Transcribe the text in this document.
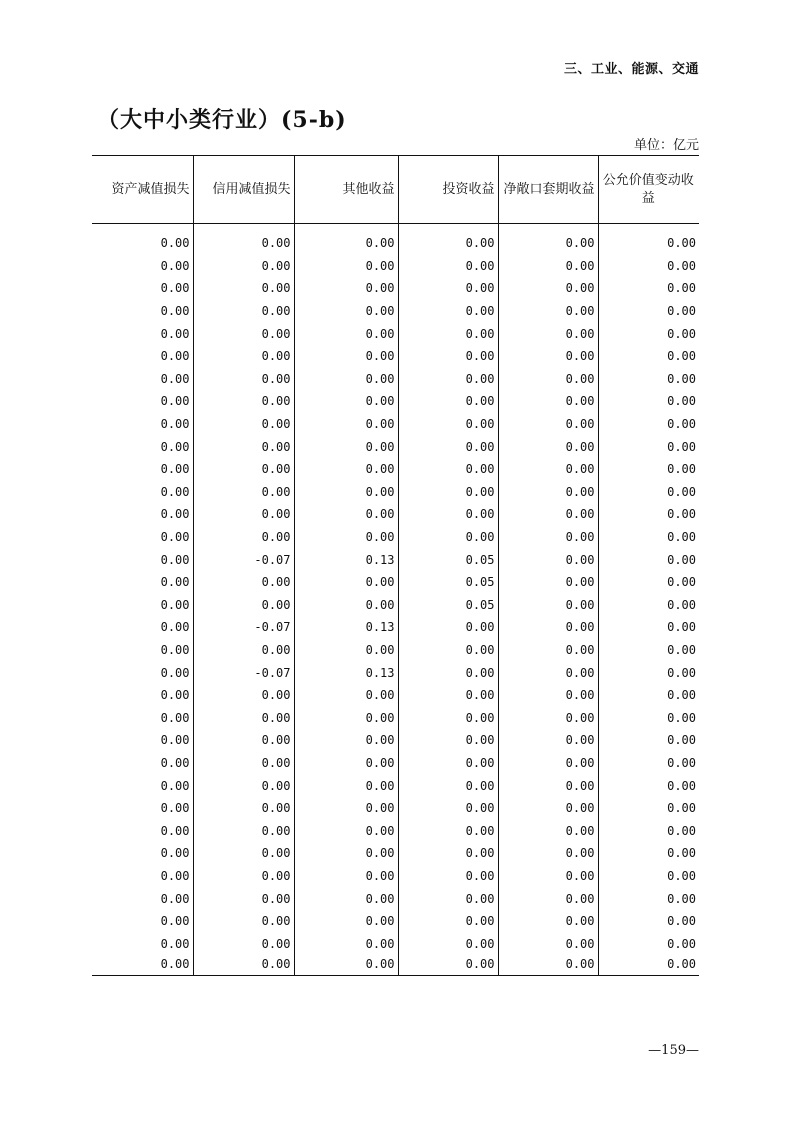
三、工业、能源、交通
（大中小类行业）(5-b)
单位：亿元
资产减值损失	信用减值损失	其他收益	投资收益	净敞口套期收益	公允价值变动收益
0.00	0.00	0.00	0.00	0.00	0.00
0.00	0.00	0.00	0.00	0.00	0.00
0.00	0.00	0.00	0.00	0.00	0.00
0.00	0.00	0.00	0.00	0.00	0.00
0.00	0.00	0.00	0.00	0.00	0.00
0.00	0.00	0.00	0.00	0.00	0.00
0.00	0.00	0.00	0.00	0.00	0.00
0.00	0.00	0.00	0.00	0.00	0.00
0.00	0.00	0.00	0.00	0.00	0.00
0.00	0.00	0.00	0.00	0.00	0.00
0.00	0.00	0.00	0.00	0.00	0.00
0.00	0.00	0.00	0.00	0.00	0.00
0.00	0.00	0.00	0.00	0.00	0.00
0.00	0.00	0.00	0.00	0.00	0.00
0.00	-0.07	0.13	0.05	0.00	0.00
0.00	0.00	0.00	0.05	0.00	0.00
0.00	0.00	0.00	0.05	0.00	0.00
0.00	-0.07	0.13	0.00	0.00	0.00
0.00	0.00	0.00	0.00	0.00	0.00
0.00	-0.07	0.13	0.00	0.00	0.00
0.00	0.00	0.00	0.00	0.00	0.00
0.00	0.00	0.00	0.00	0.00	0.00
0.00	0.00	0.00	0.00	0.00	0.00
0.00	0.00	0.00	0.00	0.00	0.00
0.00	0.00	0.00	0.00	0.00	0.00
0.00	0.00	0.00	0.00	0.00	0.00
0.00	0.00	0.00	0.00	0.00	0.00
0.00	0.00	0.00	0.00	0.00	0.00
0.00	0.00	0.00	0.00	0.00	0.00
0.00	0.00	0.00	0.00	0.00	0.00
0.00	0.00	0.00	0.00	0.00	0.00
0.00	0.00	0.00	0.00	0.00	0.00
0.00	0.00	0.00	0.00	0.00	0.00
—159—
